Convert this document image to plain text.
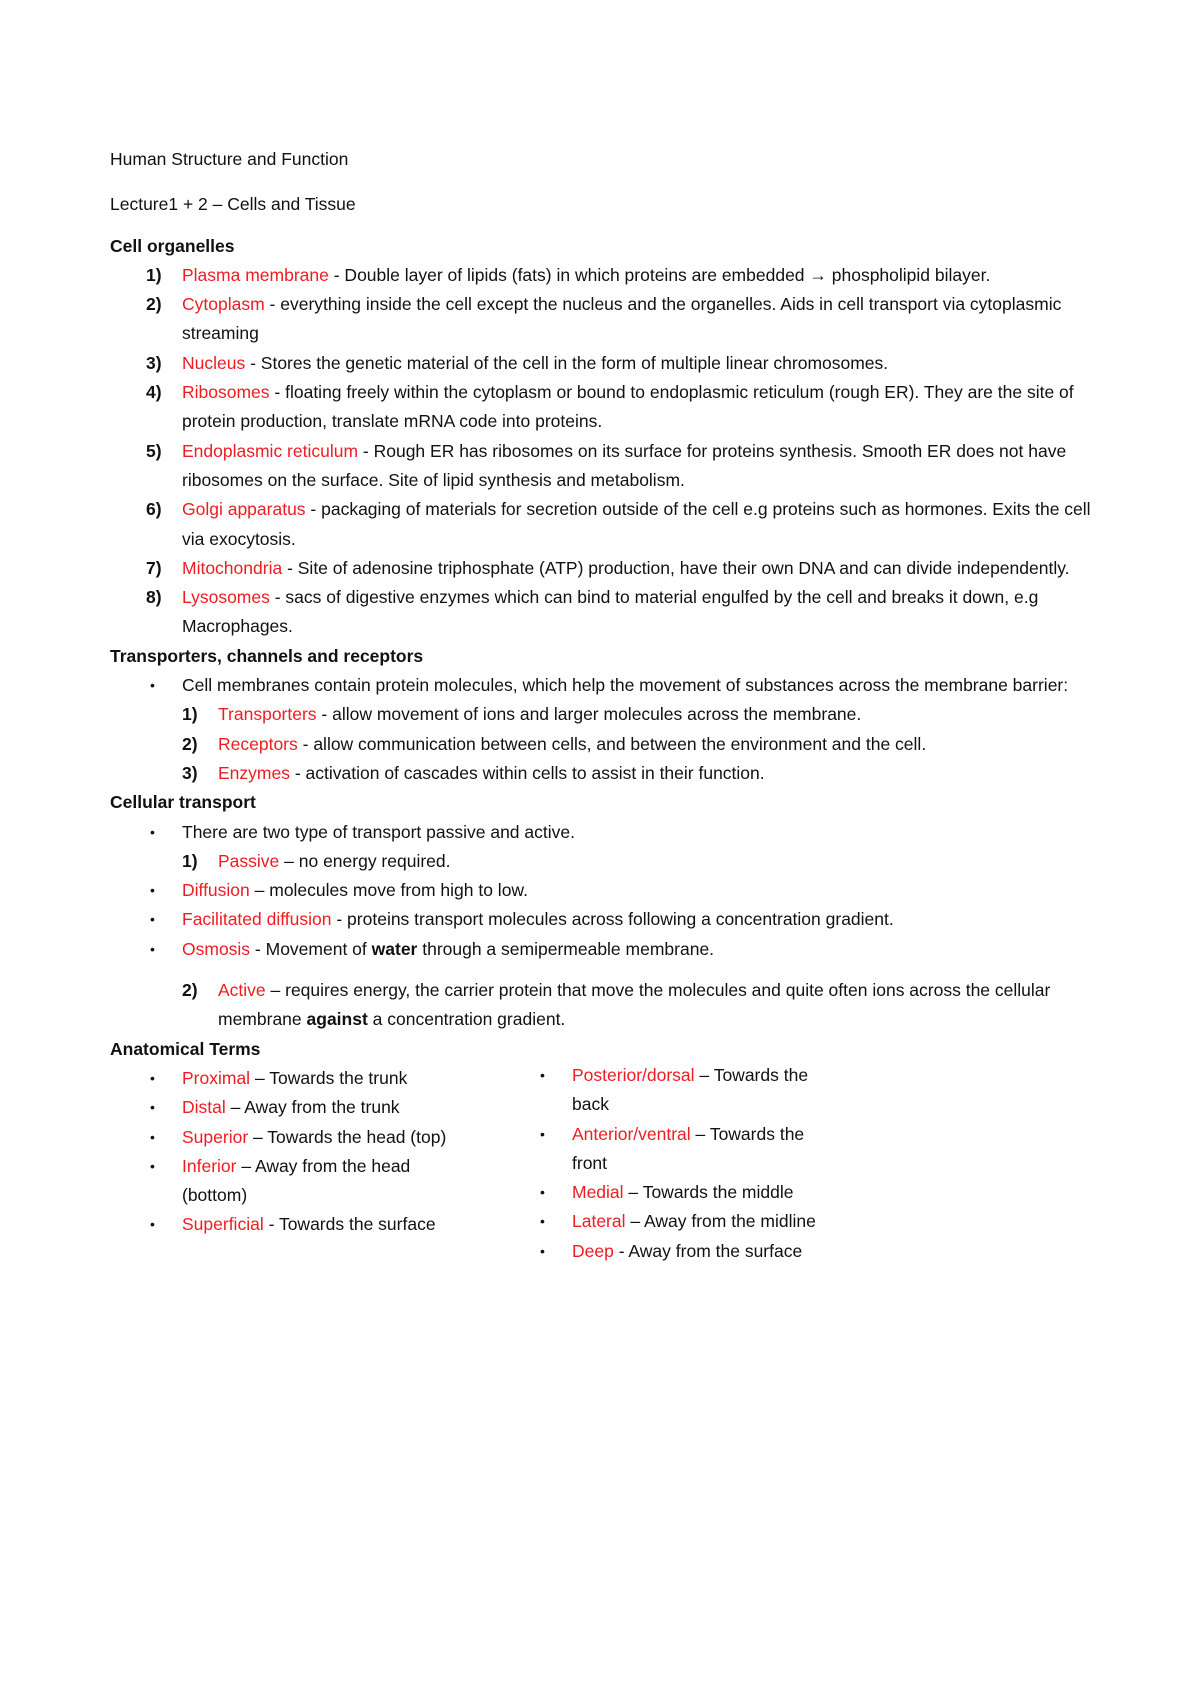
Human Structure and Function

Lecture1 + 2 – Cells and Tissue

Cell organelles

1) Plasma membrane - Double layer of lipids (fats) in which proteins are embedded → phospholipid bilayer.
2) Cytoplasm - everything inside the cell except the nucleus and the organelles. Aids in cell transport via cytoplasmic streaming
3) Nucleus - Stores the genetic material of the cell in the form of multiple linear chromosomes.
4) Ribosomes - floating freely within the cytoplasm or bound to endoplasmic reticulum (rough ER). They are the site of protein production, translate mRNA code into proteins.
5) Endoplasmic reticulum - Rough ER has ribosomes on its surface for proteins synthesis. Smooth ER does not have ribosomes on the surface. Site of lipid synthesis and metabolism.
6) Golgi apparatus - packaging of materials for secretion outside of the cell e.g proteins such as hormones. Exits the cell via exocytosis.
7) Mitochondria - Site of adenosine triphosphate (ATP) production, have their own DNA and can divide independently.
8) Lysosomes - sacs of digestive enzymes which can bind to material engulfed by the cell and breaks it down, e.g Macrophages.

Transporters, channels and receptors

• Cell membranes contain protein molecules, which help the movement of substances across the membrane barrier:
1) Transporters - allow movement of ions and larger molecules across the membrane.
2) Receptors - allow communication between cells, and between the environment and the cell.
3) Enzymes - activation of cascades within cells to assist in their function.

Cellular transport

• There are two type of transport passive and active.
1) Passive – no energy required.
• Diffusion – molecules move from high to low.
• Facilitated diffusion - proteins transport molecules across following a concentration gradient.
• Osmosis - Movement of water through a semipermeable membrane.
2) Active – requires energy, the carrier protein that move the molecules and quite often ions across the cellular membrane against a concentration gradient.

Anatomical Terms

• Proximal – Towards the trunk
• Distal – Away from the trunk
• Superior – Towards the head (top)
• Inferior – Away from the head (bottom)
• Superficial - Towards the surface
• Posterior/dorsal – Towards the back
• Anterior/ventral – Towards the front
• Medial – Towards the middle
• Lateral – Away from the midline
• Deep - Away from the surface
